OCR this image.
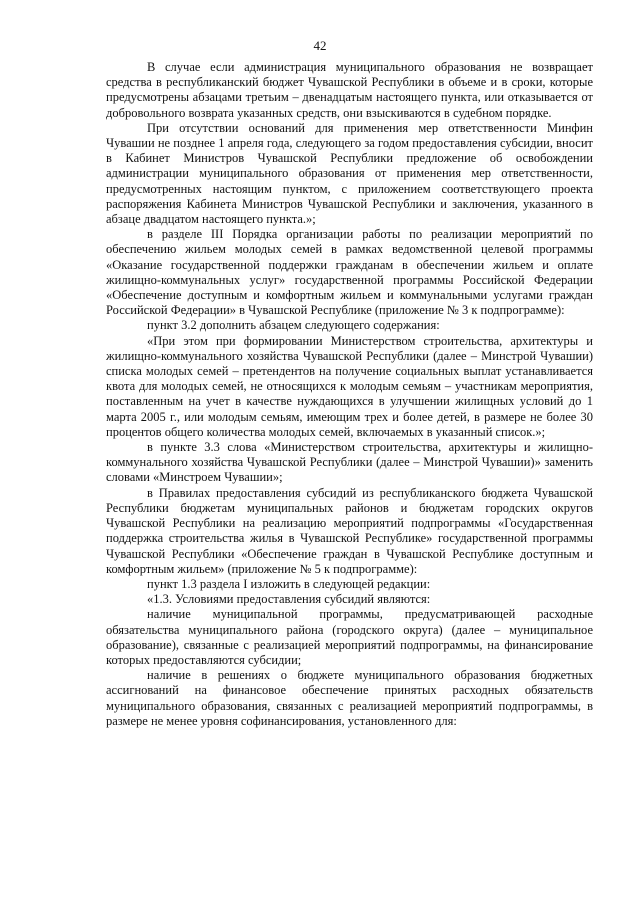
42

В случае если администрация муниципального образования не возвращает средства в республиканский бюджет Чувашской Республики в объеме и в сроки, которые предусмотрены абзацами третьим – двенадцатым настоящего пункта, или отказывается от добровольного возврата указанных средств, они взыскиваются в судебном порядке.

При отсутствии оснований для применения мер ответственности Минфин Чувашии не позднее 1 апреля года, следующего за годом предоставления субсидии, вносит в Кабинет Министров Чувашской Республики предложение об освобождении администрации муниципального образования от применения мер ответственности, предусмотренных настоящим пунктом, с приложением соответствующего проекта распоряжения Кабинета Министров Чувашской Республики и заключения, указанного в абзаце двадцатом настоящего пункта.»;

в разделе III Порядка организации работы по реализации мероприятий по обеспечению жильем молодых семей в рамках ведомственной целевой программы «Оказание государственной поддержки гражданам в обеспечении жильем и оплате жилищно-коммунальных услуг» государственной программы Российской Федерации «Обеспечение доступным и комфортным жильем и коммунальными услугами граждан Российской Федерации» в Чувашской Республике (приложение № 3 к подпрограмме):

пункт 3.2 дополнить абзацем следующего содержания:

«При этом при формировании Министерством строительства, архитектуры и жилищно-коммунального хозяйства Чувашской Республики (далее – Минстрой Чувашии) списка молодых семей – претендентов на получение социальных выплат устанавливается квота для молодых семей, не относящихся к молодым семьям – участникам мероприятия, поставленным на учет в качестве нуждающихся в улучшении жилищных условий до 1 марта 2005 г., или молодым семьям, имеющим трех и более детей, в размере не более 30 процентов общего количества молодых семей, включаемых в указанный список.»;

в пункте 3.3 слова «Министерством строительства, архитектуры и жилищно-коммунального хозяйства Чувашской Республики (далее – Минстрой Чувашии)» заменить словами «Минстроем Чувашии»;

в Правилах предоставления субсидий из республиканского бюджета Чувашской Республики бюджетам муниципальных районов и бюджетам городских округов Чувашской Республики на реализацию мероприятий подпрограммы «Государственная поддержка строительства жилья в Чувашской Республике» государственной программы Чувашской Республики «Обеспечение граждан в Чувашской Республике доступным и комфортным жильем» (приложение № 5 к подпрограмме):

пункт 1.3 раздела I изложить в следующей редакции:

«1.3. Условиями предоставления субсидий являются:

наличие муниципальной программы, предусматривающей расходные обязательства муниципального района (городского округа) (далее – муниципальное образование), связанные с реализацией мероприятий подпрограммы, на финансирование которых предоставляются субсидии;

наличие в решениях о бюджете муниципального образования бюджетных ассигнований на финансовое обеспечение принятых расходных обязательств муниципального образования, связанных с реализацией мероприятий подпрограммы, в размере не менее уровня софинансирования, установленного для:
